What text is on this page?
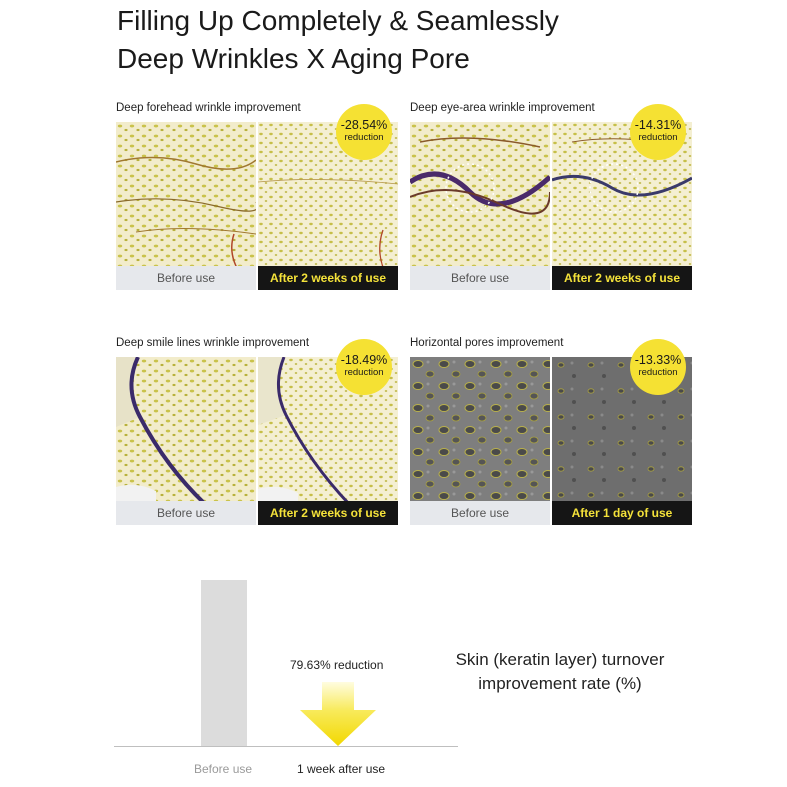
Filling Up Completely & Seamlessly
Deep Wrinkles X Aging Pore
Deep forehead wrinkle improvement
Before use	After 2 weeks of use
-28.54%
reduction
Deep eye-area wrinkle improvement
Before use	After 2 weeks of use
-14.31%
reduction
Deep smile lines wrinkle improvement
Before use	After 2 weeks of use
-18.49%
reduction
Horizontal pores improvement
Before use	After 1 day of use
-13.33%
reduction
79.63% reduction
Before use	1 week after use
Skin (keratin layer) turnover improvement rate (%)
